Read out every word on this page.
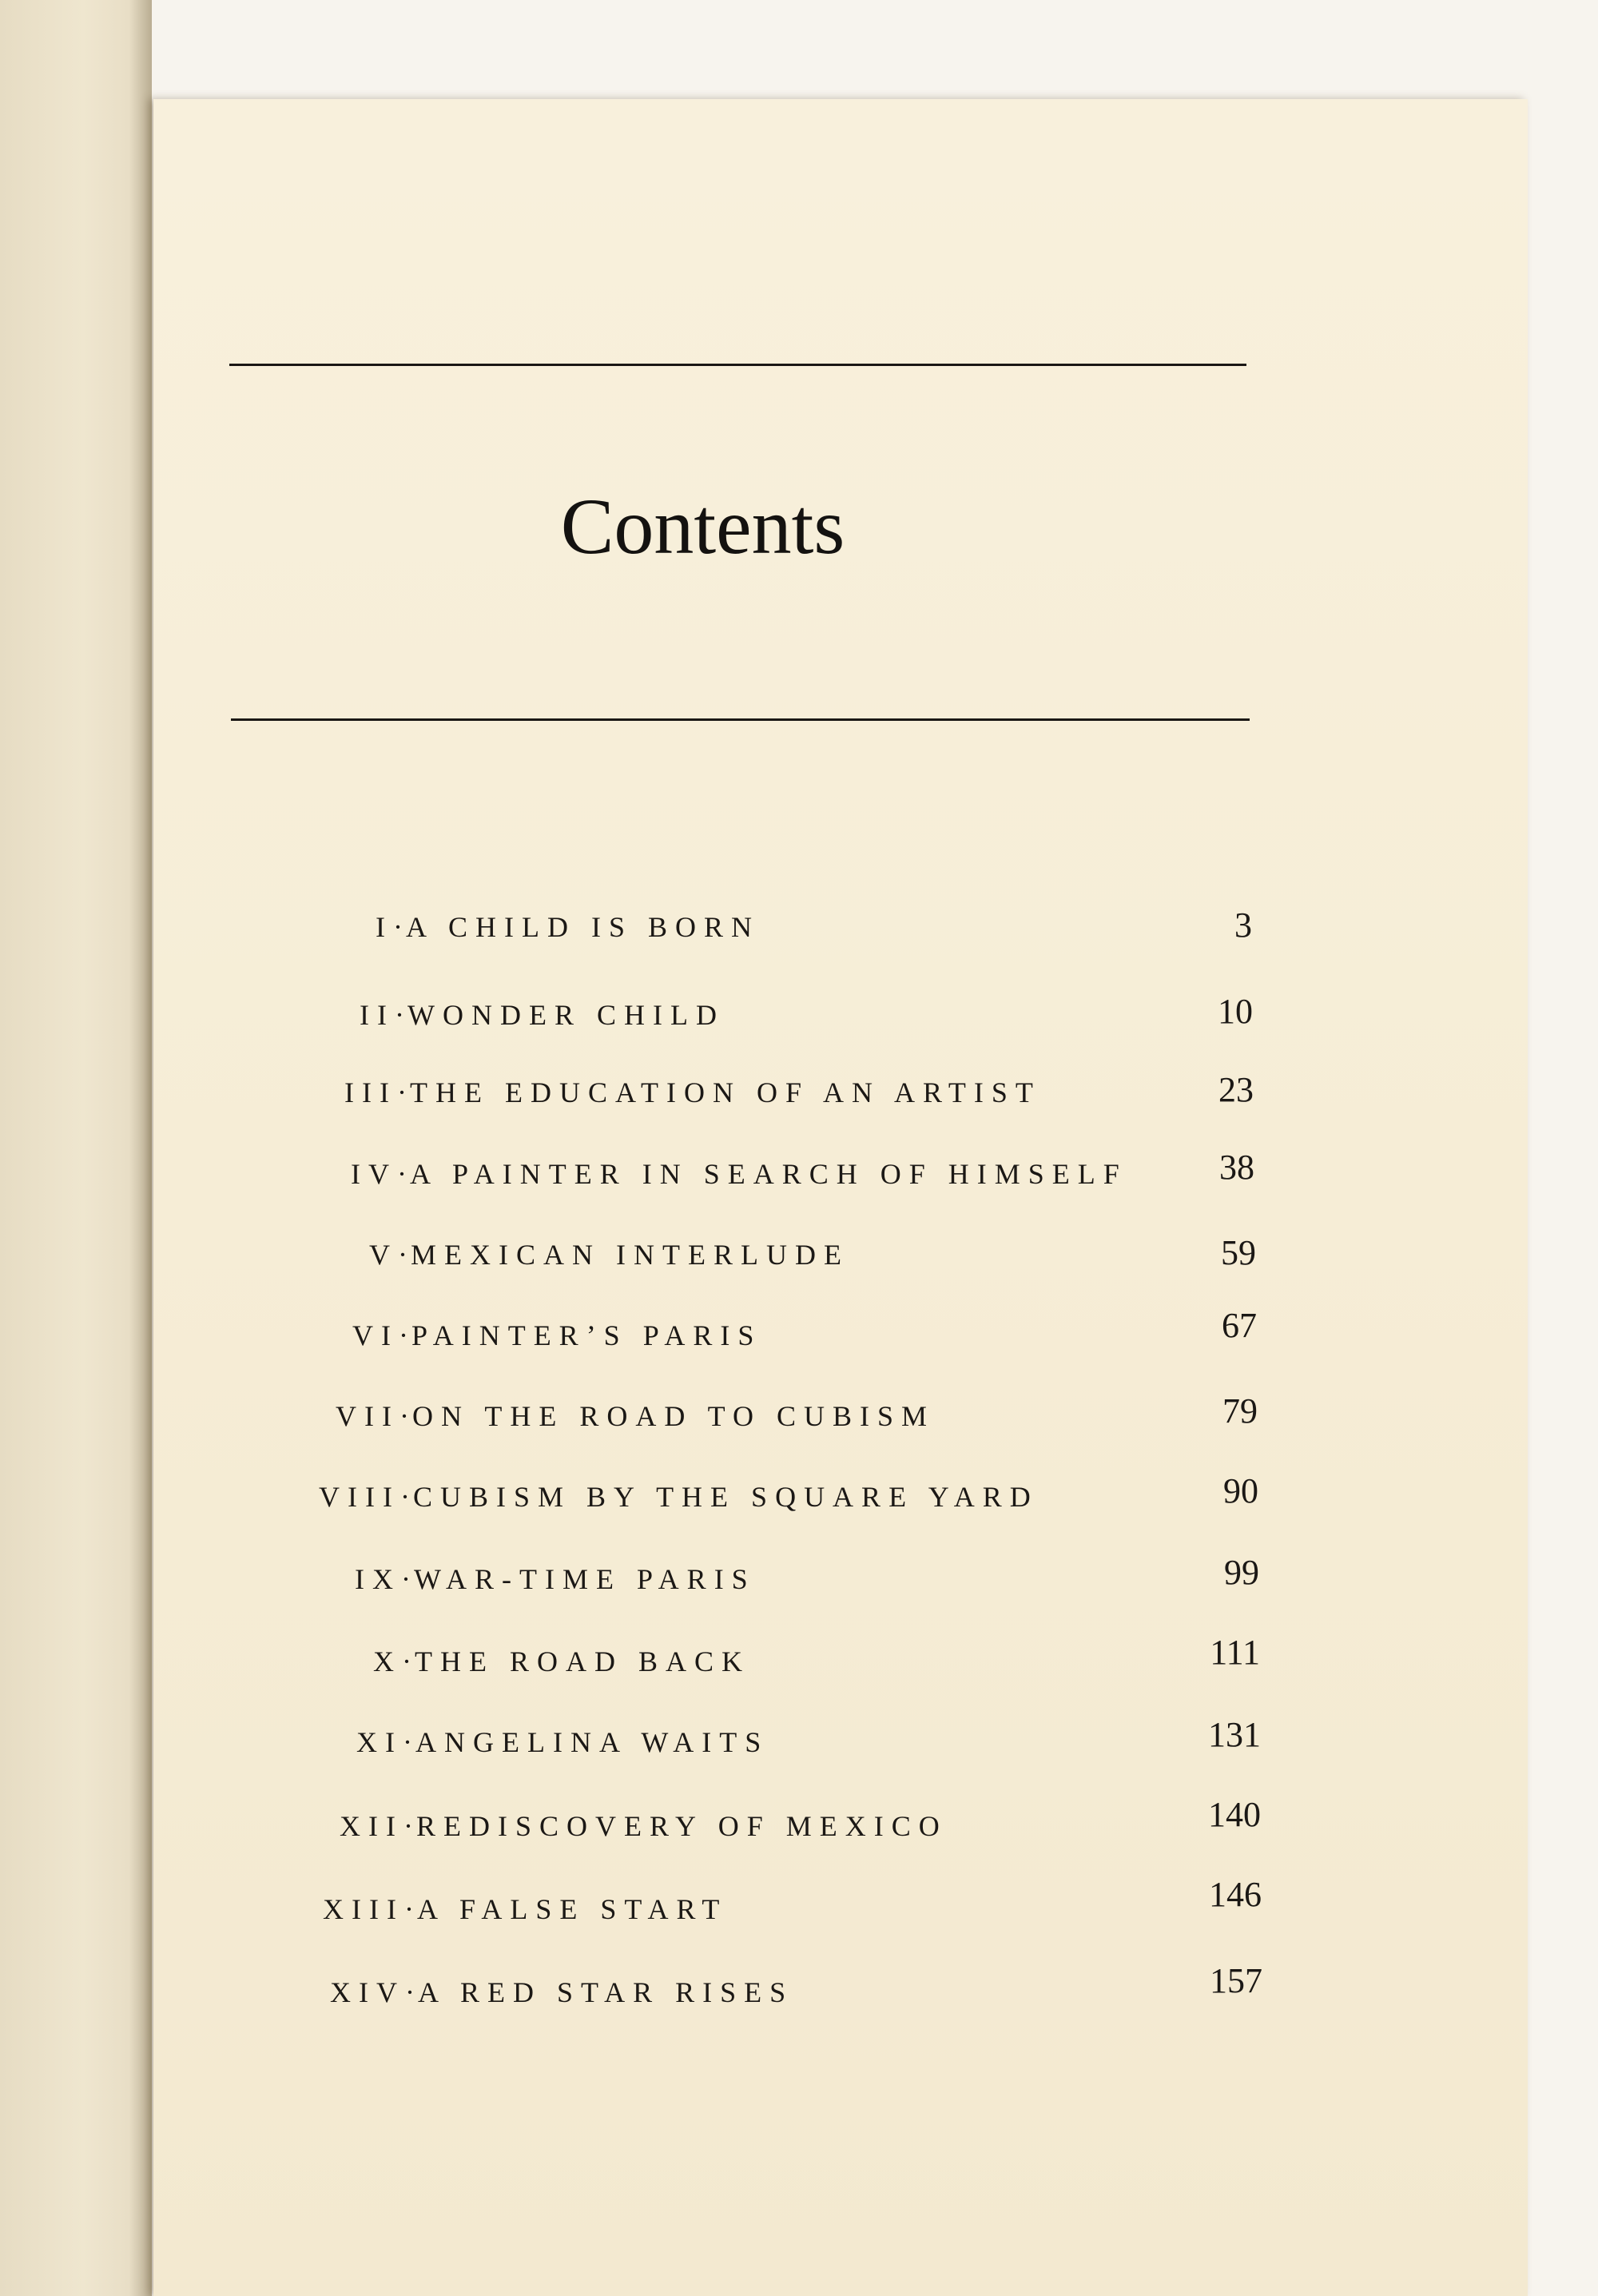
Contents
I·A CHILD IS BORN	3
II·WONDER CHILD	10
III·THE EDUCATION OF AN ARTIST	23
IV·A PAINTER IN SEARCH OF HIMSELF	38
V·MEXICAN INTERLUDE	59
VI·PAINTER’S PARIS	67
VII·ON THE ROAD TO CUBISM	79
VIII·CUBISM BY THE SQUARE YARD	90
IX·WAR-TIME PARIS	99
X·THE ROAD BACK	111
XI·ANGELINA WAITS	131
XII·REDISCOVERY OF MEXICO	140
XIII·A FALSE START	146
XIV·A RED STAR RISES	157
